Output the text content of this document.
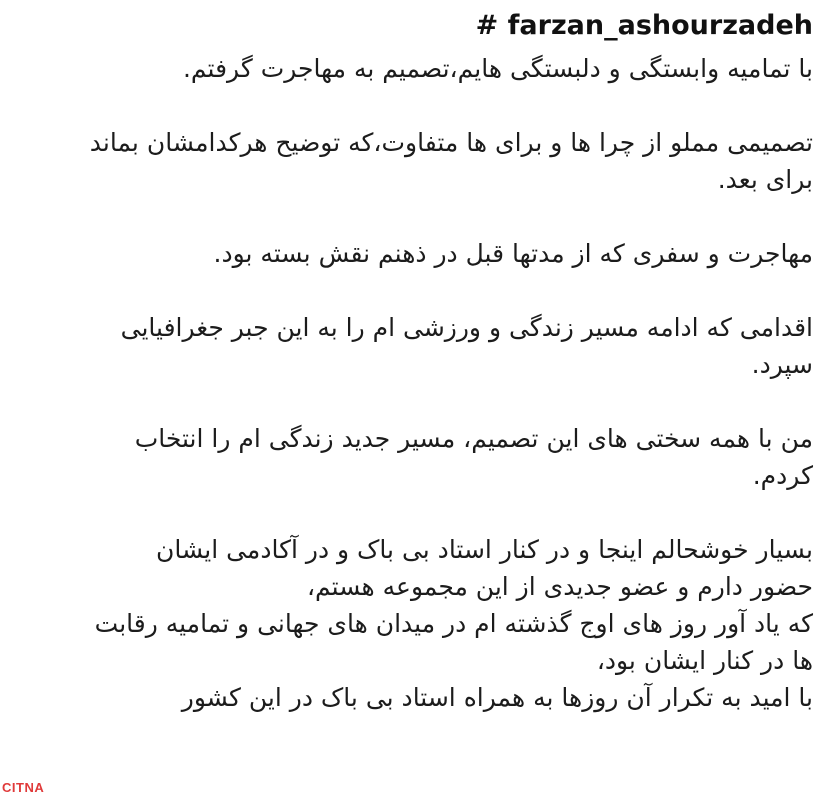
# farzan_ashourzadeh

با تمامیه وابستگی و دلبستگی هایم،تصمیم به مهاجرت گرفتم.

تصمیمی مملو از چرا ها و برای ها متفاوت،که توضیح هرکدامشان بماند
برای بعد.

مهاجرت و سفری که از مدتها قبل در ذهنم نقش بسته بود.

اقدامی که ادامه مسیر زندگی و ورزشی ام را به این جبر جغرافیایی
سپرد.

من با همه سختی های این تصمیم، مسیر جدید زندگی ام را انتخاب
کردم.

بسیار خوشحالم اینجا و در کنار استاد بی باک و در آکادمی ایشان
حضور دارم و عضو جدیدی از این مجموعه هستم،
که یاد آور روز های اوج گذشته ام در میدان های جهانی و تمامیه رقابت
ها در کنار ایشان بود،
با امید به تکرار آن روزها به همراه استاد بی باک در این کشور

CITNA
